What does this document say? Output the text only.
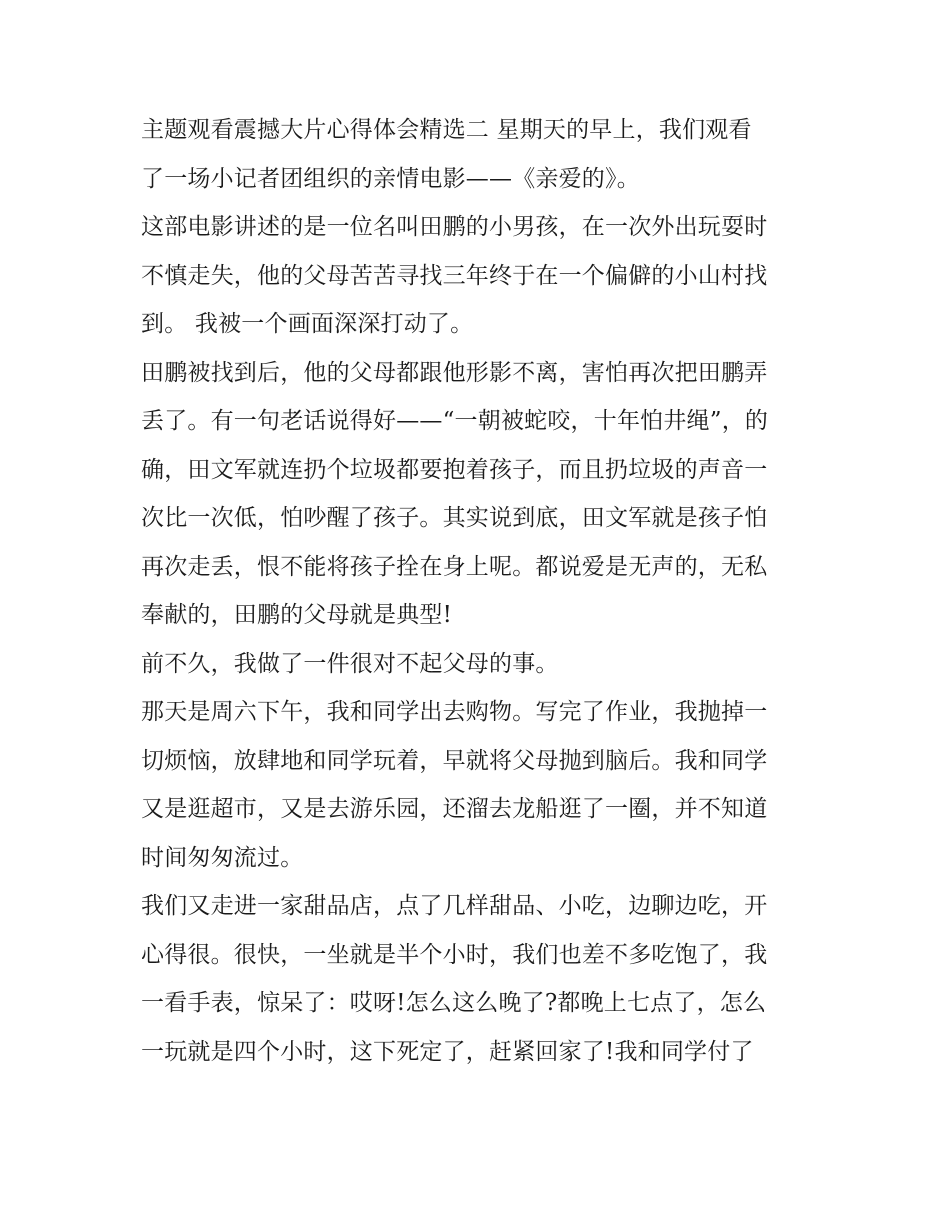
主题观看震撼大片心得体会精选二 星期天的早上，我们观看
了一场小记者团组织的亲情电影——《亲爱的》。
这部电影讲述的是一位名叫田鹏的小男孩，在一次外出玩耍时
不慎走失，他的父母苦苦寻找三年终于在一个偏僻的小山村找
到。 我被一个画面深深打动了。
田鹏被找到后，他的父母都跟他形影不离，害怕再次把田鹏弄
丢了。有一句老话说得好——“一朝被蛇咬，十年怕井绳”，的
确，田文军就连扔个垃圾都要抱着孩子，而且扔垃圾的声音一
次比一次低，怕吵醒了孩子。其实说到底，田文军就是孩子怕
再次走丢，恨不能将孩子拴在身上呢。都说爱是无声的，无私
奉献的，田鹏的父母就是典型!
前不久，我做了一件很对不起父母的事。
那天是周六下午，我和同学出去购物。写完了作业，我抛掉一
切烦恼，放肆地和同学玩着，早就将父母抛到脑后。我和同学
又是逛超市，又是去游乐园，还溜去龙船逛了一圈，并不知道
时间匆匆流过。
我们又走进一家甜品店，点了几样甜品、小吃，边聊边吃，开
心得很。很快，一坐就是半个小时，我们也差不多吃饱了，我
一看手表，惊呆了：哎呀!怎么这么晚了?都晚上七点了，怎么
一玩就是四个小时，这下死定了，赶紧回家了!我和同学付了
